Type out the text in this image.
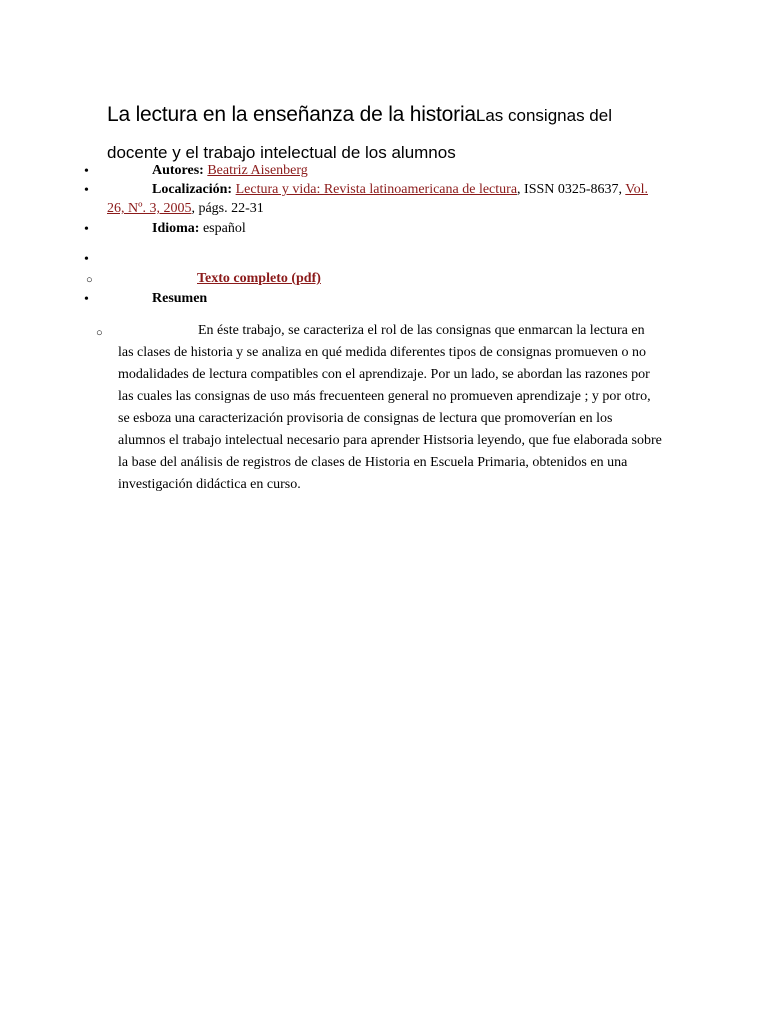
La lectura en la enseñanza de la historiaLas consignas del
docente y el trabajo intelectual de los alumnos
•
Autores: Beatriz Aisenberg
•
Localización: Lectura y vida: Revista latinoamericana de lectura, ISSN 0325-8637, Vol.
26, Nº. 3, 2005, págs. 22-31
•
Idioma: español
•
○
Texto completo (pdf)
•
Resumen
○
En éste trabajo, se caracteriza el rol de las consignas que enmarcan la lectura en las clases de historia y se analiza en qué medida diferentes tipos de consignas promueven o no modalidades de lectura compatibles con el aprendizaje. Por un lado, se abordan las razones por las cuales las consignas de uso más frecuenteen general no promueven aprendizaje ; y por otro, se esboza una caracterización provisoria de consignas de lectura que promoverían en los alumnos el trabajo intelectual necesario para aprender Histsoria leyendo, que fue elaborada sobre la base del análisis de registros de clases de Historia en Escuela Primaria, obtenidos en una investigación didáctica en curso.
